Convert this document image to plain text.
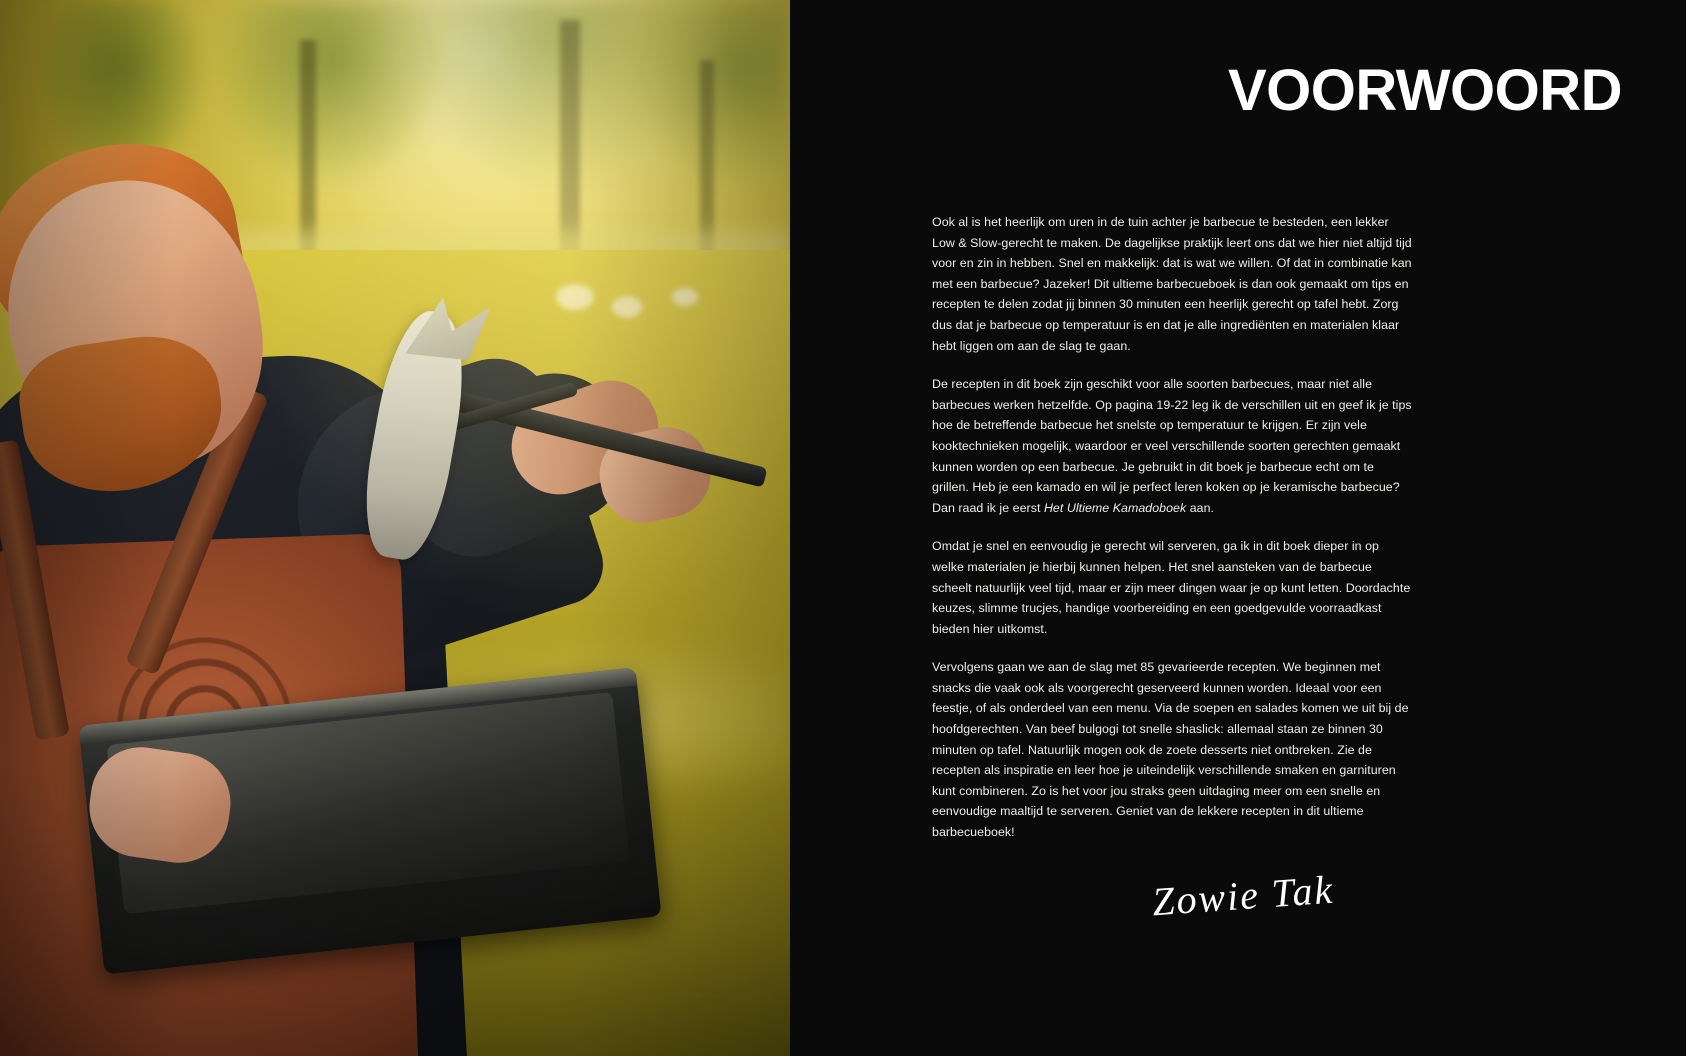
VOORWOORD

Ook al is het heerlijk om uren in de tuin achter je barbecue te besteden, een lekker Low & Slow-gerecht te maken. De dagelijkse praktijk leert ons dat we hier niet altijd tijd voor en zin in hebben. Snel en makkelijk: dat is wat we willen. Of dat in combinatie kan met een barbecue? Jazeker! Dit ultieme barbecueboek is dan ook gemaakt om tips en recepten te delen zodat jij binnen 30 minuten een heerlijk gerecht op tafel hebt. Zorg dus dat je barbecue op temperatuur is en dat je alle ingrediënten en materialen klaar hebt liggen om aan de slag te gaan.

De recepten in dit boek zijn geschikt voor alle soorten barbecues, maar niet alle barbecues werken hetzelfde. Op pagina 19-22 leg ik de verschillen uit en geef ik je tips hoe de betreffende barbecue het snelste op temperatuur te krijgen. Er zijn vele kooktechnieken mogelijk, waardoor er veel verschillende soorten gerechten gemaakt kunnen worden op een barbecue. Je gebruikt in dit boek je barbecue echt om te grillen. Heb je een kamado en wil je perfect leren koken op je keramische barbecue? Dan raad ik je eerst Het Ultieme Kamadoboek aan.

Omdat je snel en eenvoudig je gerecht wil serveren, ga ik in dit boek dieper in op welke materialen je hierbij kunnen helpen. Het snel aansteken van de barbecue scheelt natuurlijk veel tijd, maar er zijn meer dingen waar je op kunt letten. Doordachte keuzes, slimme trucjes, handige voorbereiding en een goedgevulde voorraadkast bieden hier uitkomst.

Vervolgens gaan we aan de slag met 85 gevarieerde recepten. We beginnen met snacks die vaak ook als voorgerecht geserveerd kunnen worden. Ideaal voor een feestje, of als onderdeel van een menu. Via de soepen en salades komen we uit bij de hoofdgerechten. Van beef bulgogi tot snelle shaslick: allemaal staan ze binnen 30 minuten op tafel. Natuurlijk mogen ook de zoete desserts niet ontbreken. Zie de recepten als inspiratie en leer hoe je uiteindelijk verschillende smaken en garnituren kunt combineren. Zo is het voor jou straks geen uitdaging meer om een snelle en eenvoudige maaltijd te serveren. Geniet van de lekkere recepten in dit ultieme barbecueboek!

Zowie Tak
